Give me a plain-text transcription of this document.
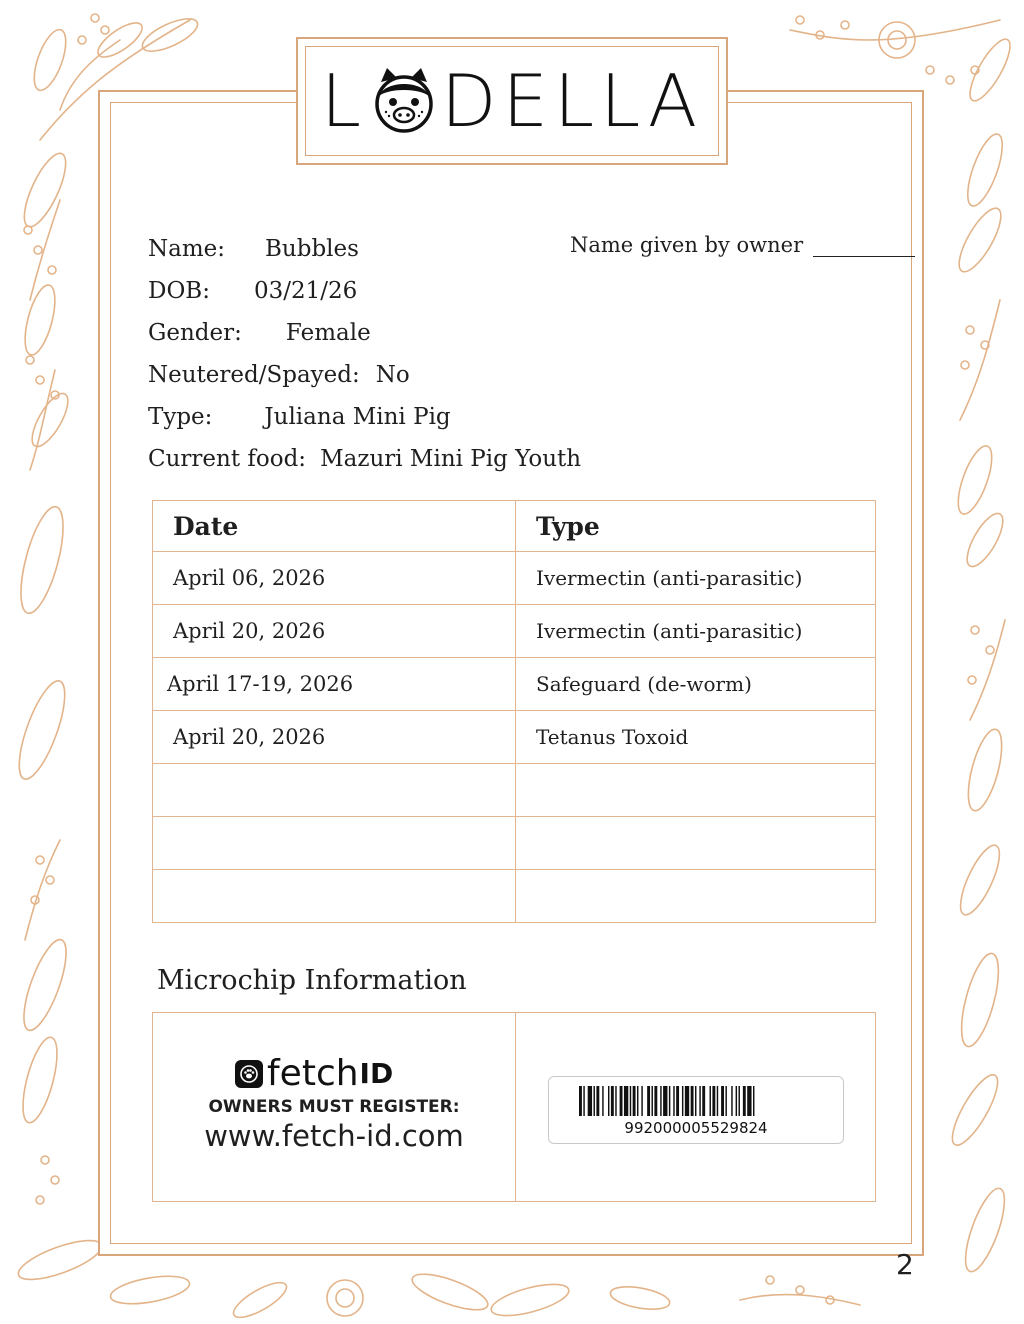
L DELLA
Name: Bubbles
DOB: 03/21/26
Gender: Female
Neutered/Spayed: No
Type: Juliana Mini Pig
Current food: Mazuri Mini Pig Youth
Name given by owner
Date	Type
April 06, 2026	Ivermectin (anti-parasitic)
April 20, 2026	Ivermectin (anti-parasitic)
April 17-19, 2026	Safeguard (de-worm)
April 20, 2026	Tetanus Toxoid

Microchip Information
fetch ID
OWNERS MUST REGISTER:
www.fetch-id.com	992000005529824
2
